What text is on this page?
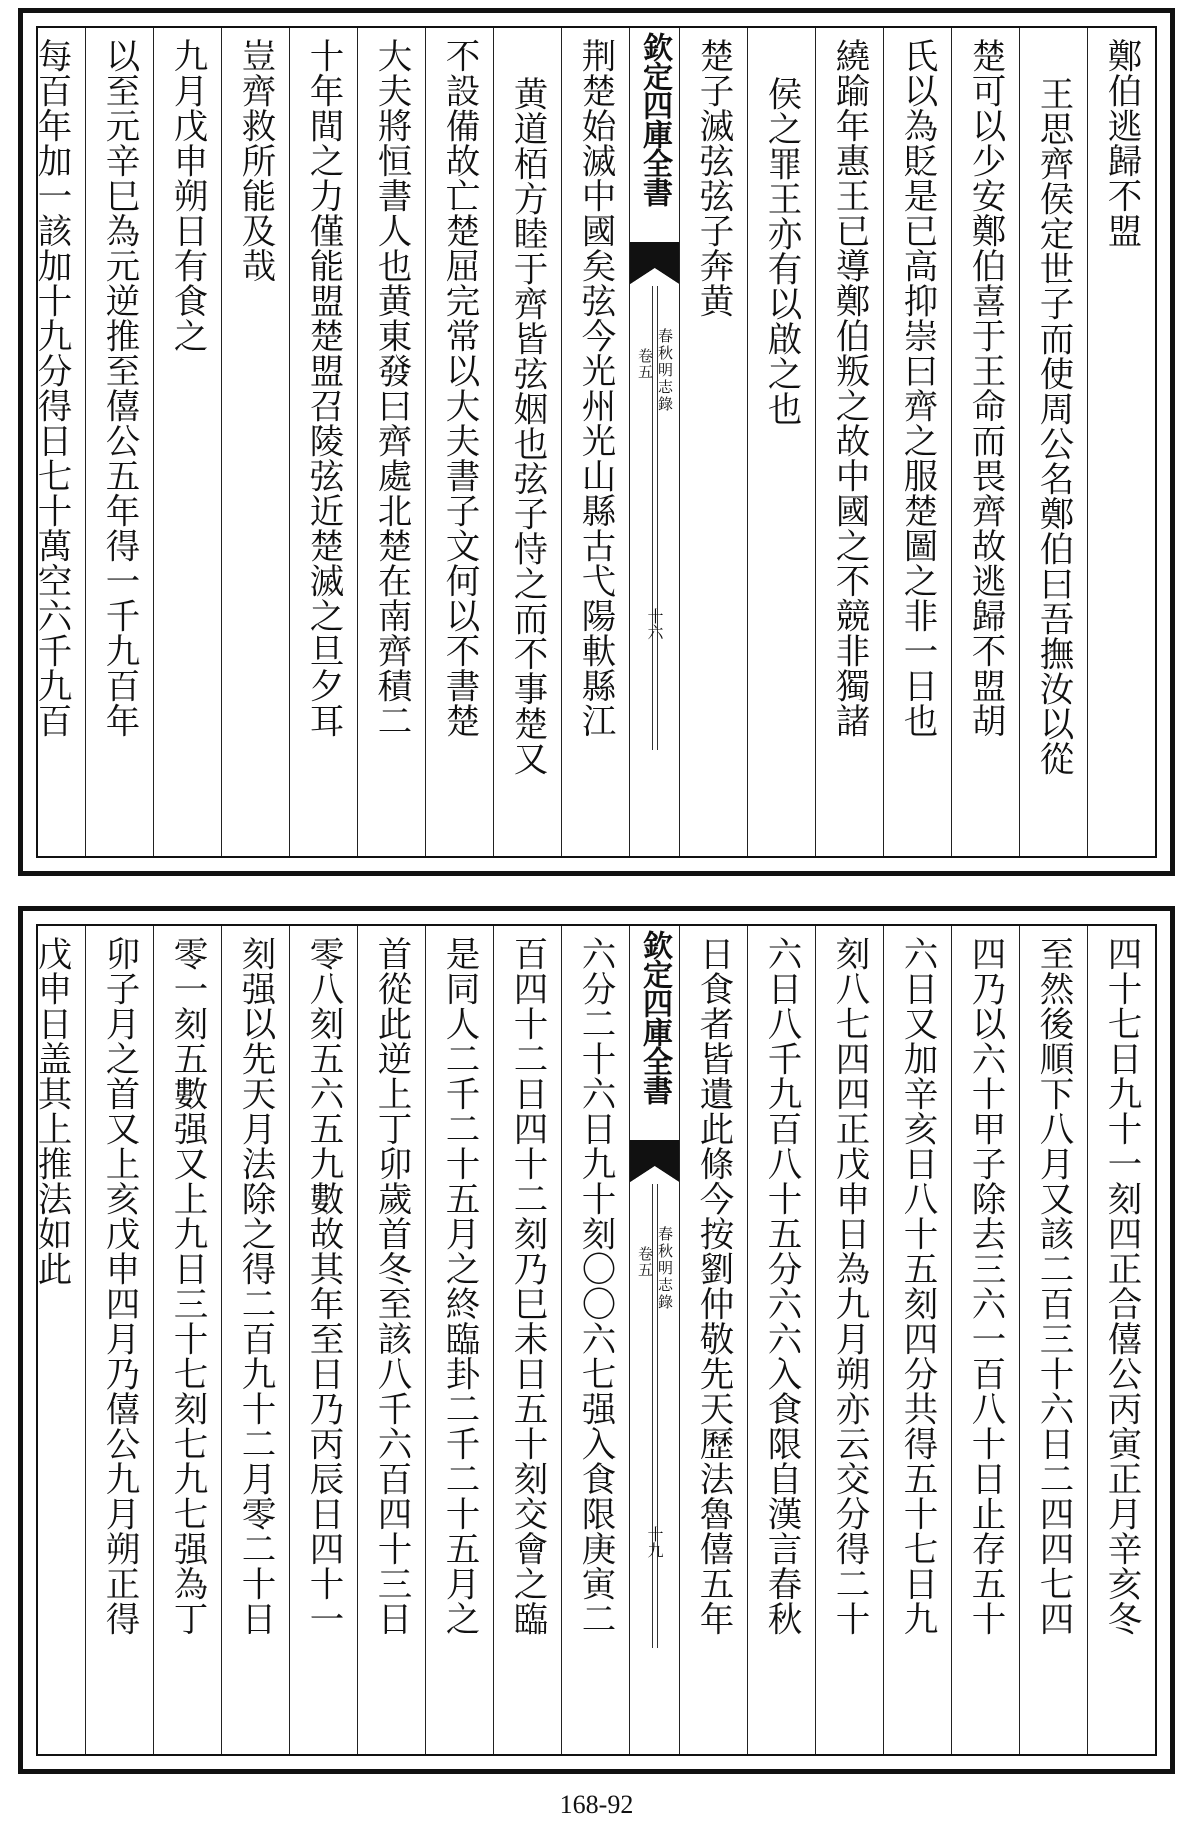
鄭伯逃歸不盟
王思齊侯定世子而使周公名鄭伯曰吾撫汝以從
楚可以少安鄭伯喜于王命而畏齊故逃歸不盟胡
氏以為貶是已高抑崇曰齊之服楚圖之非一日也
繞踰年惠王已導鄭伯叛之故中國之不競非獨諸
侯之罪王亦有以啟之也
楚子滅弦弦子奔黄
欽定四庫全書
春秋明志錄
卷五
十六
荆楚始滅中國矣弦今光州光山縣古弋陽軑縣江
黄道栢方睦于齊皆弦姻也弦子恃之而不事楚又
不設備故亡楚屈完常以大夫書子文何以不書楚
大夫將恒書人也黄東發曰齊處北楚在南齊積二
十年間之力僅能盟楚盟召陵弦近楚滅之旦夕耳
豈齊救所能及哉
九月戊申朔日有食之
以至元辛巳為元逆推至僖公五年得一千九百年
每百年加一該加十九分得日七十萬空六千九百
四十七日九十一刻四正合僖公丙寅正月辛亥冬
至然後順下八月又該二百三十六日二四四七四
四乃以六十甲子除去三六一百八十日止存五十
六日又加辛亥日八十五刻四分共得五十七日九
刻八七四四正戊申日為九月朔亦云交分得二十
六日八千九百八十五分六六入食限自漢言春秋
日食者皆遺此條今按劉仲敬先天歷法魯僖五年
欽定四庫全書
春秋明志錄
卷五
十九
六分二十六日九十刻〇〇六七强入食限庚寅二
百四十二日四十二刻乃巳未日五十刻交會之臨
是同人二千二十五月之終臨卦二千二十五月之
首從此逆上丁卯歲首冬至該八千六百四十三日
零八刻五六五九數故其年至日乃丙辰日四十一
刻强以先天月法除之得二百九十二月零二十日
零一刻五數强又上九日三十七刻七九七强為丁
卯子月之首又上亥戊申四月乃僖公九月朔正得
戊申日盖其上推法如此
168-92
